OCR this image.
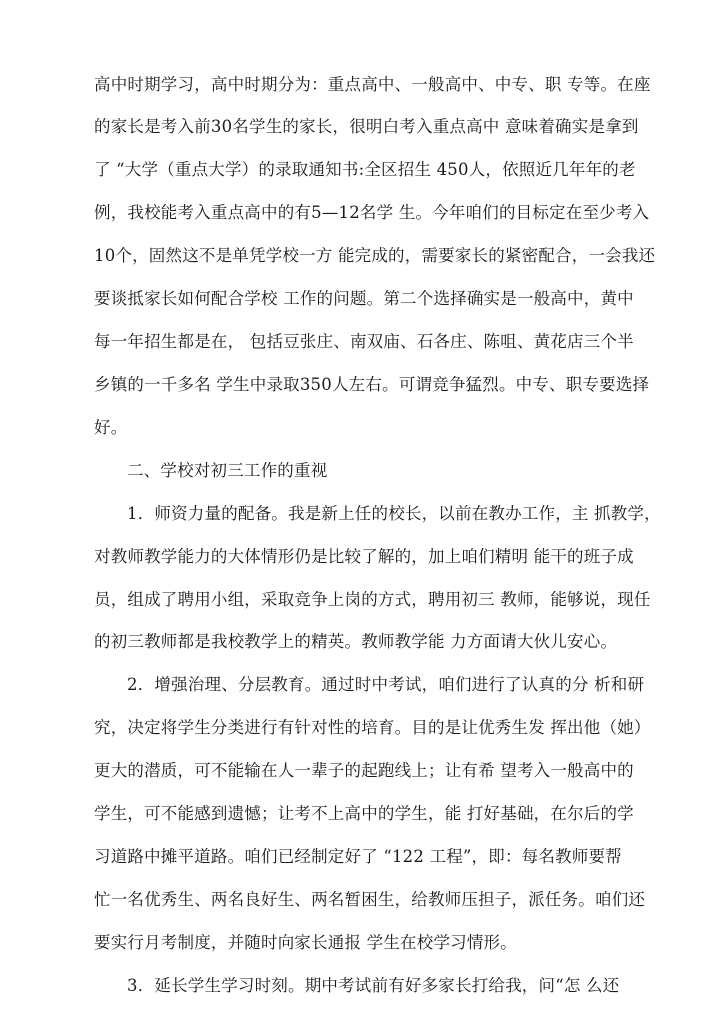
高中时期学习，高中时期分为：重点高中、一般高中、中专、职 专等。在座
的家长是考入前30名学生的家长，很明白考入重点高中 意味着确实是拿到
了 “大学（重点大学）的录取通知书:全区招生 450人，依照近几年年的老
例，我校能考入重点高中的有5—12名学 生。今年咱们的目标定在至少考入
10个，固然这不是单凭学校一方 能完成的，需要家长的紧密配合，一会我还
要谈抵家长如何配合学校 工作的问题。第二个选择确实是一般高中，黄中
每一年招生都是在， 包括豆张庄、南双庙、石各庄、陈咀、黄花店三个半
乡镇的一千多名 学生中录取350人左右。可谓竞争猛烈。中专、职专要选择
好。
二、学校对初三工作的重视
1．师资力量的配备。我是新上任的校长，以前在教办工作，主 抓教学，
对教师教学能力的大体情形仍是比较了解的，加上咱们精明 能干的班子成
员，组成了聘用小组，采取竞争上岗的方式，聘用初三 教师，能够说，现任
的初三教师都是我校教学上的精英。教师教学能 力方面请大伙儿安心。
2．增强治理、分层教育。通过时中考试，咱们进行了认真的分 析和研
究，决定将学生分类进行有针对性的培育。目的是让优秀生发 挥出他（她）
更大的潜质，可不能输在人一辈子的起跑线上；让有希 望考入一般高中的
学生，可不能感到遗憾；让考不上高中的学生，能 打好基础，在尔后的学
习道路中摊平道路。咱们已经制定好了 “122 工程”，即：每名教师要帮
忙一名优秀生、两名良好生、两名暂困生，给教师压担子，派任务。咱们还
要实行月考制度，并随时向家长通报 学生在校学习情形。
3．延长学生学习时刻。期中考试前有好多家长打给我，问“怎 么还
